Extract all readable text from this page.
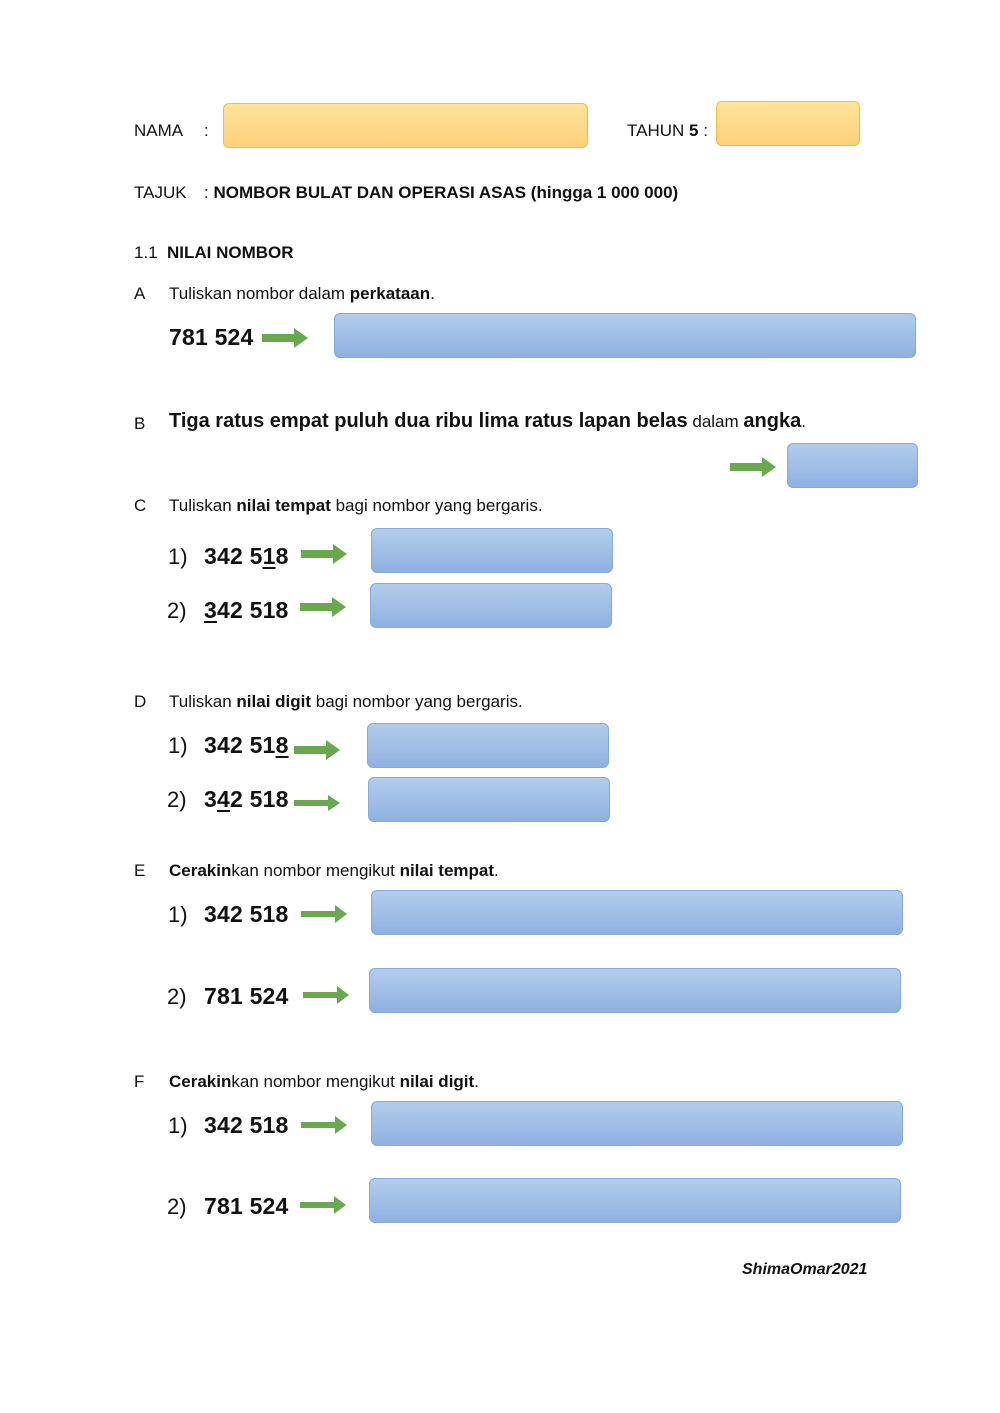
NAMA :	TAHUN 5 :
TAJUK : NOMBOR BULAT DAN OPERASI ASAS (hingga 1 000 000)
1.1 NILAI NOMBOR
A Tuliskan nombor dalam perkataan.
781 524
B Tiga ratus empat puluh dua ribu lima ratus lapan belas dalam angka.
C Tuliskan nilai tempat bagi nombor yang bergaris.
1) 342 518
2) 342 518
D Tuliskan nilai digit bagi nombor yang bergaris.
1) 342 518
2) 342 518
E Cerakinkan nombor mengikut nilai tempat.
1) 342 518
2) 781 524
F Cerakinkan nombor mengikut nilai digit.
1) 342 518
2) 781 524
ShimaOmar2021
